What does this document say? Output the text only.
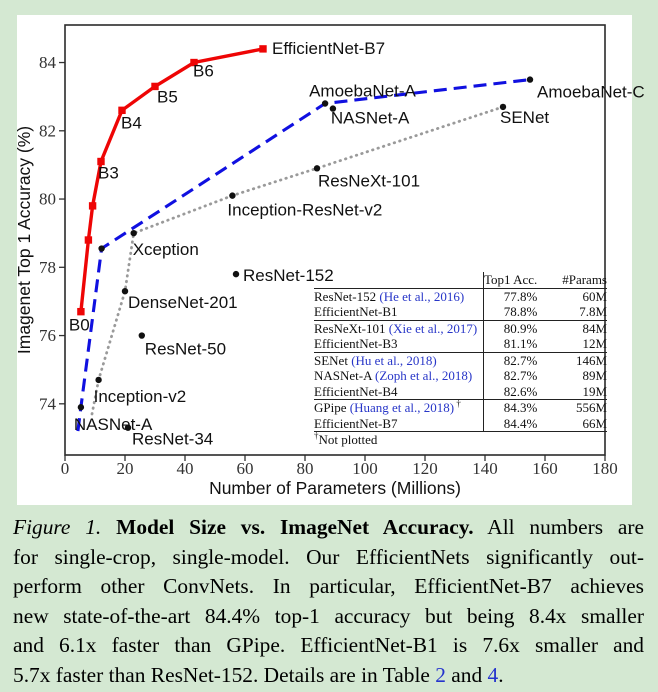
0	20	40	60	80 100 120 140 160 180
74
76
78
80
82
84
Number of Parameters (Millions)
Imagenet Top 1 Accuracy (%) B0
B3
B4
B5
B6
EfficientNet-B7
NASNet-A
AmoebaNet-A	AmoebaNet-C
Inception-v2
DenseNet-201
Xception
Inception-ResNet-v2
ResNeXt-101
SENet
ResNet-34
ResNet-50
ResNet-152
NASNet-A
	Top1 Acc.	#Params
ResNet-152 (He et al., 2016)	77.8%	60M
EfficientNet-B1	78.8%	7.8M
ResNeXt-101 (Xie et al., 2017)	80.9%	84M
EfficientNet-B3	81.1%	12M
SENet (Hu et al., 2018)	82.7%	146M
NASNet-A (Zoph et al., 2018)	82.7%	89M
EfficientNet-B4	82.6%	19M
GPipe (Huang et al., 2018) †	84.3%	556M
EfficientNet-B7	84.4%	66M
†Not plotted		
Figure 1. Model Size vs. ImageNet Accuracy. All numbers are
for single-crop, single-model. Our EfficientNets significantly out-
perform other ConvNets. In particular, EfficientNet-B7 achieves
new state-of-the-art 84.4% top-1 accuracy but being 8.4x smaller
and 6.1x faster than GPipe. EfficientNet-B1 is 7.6x smaller and
5.7x faster than ResNet-152. Details are in Table 2 and 4.
